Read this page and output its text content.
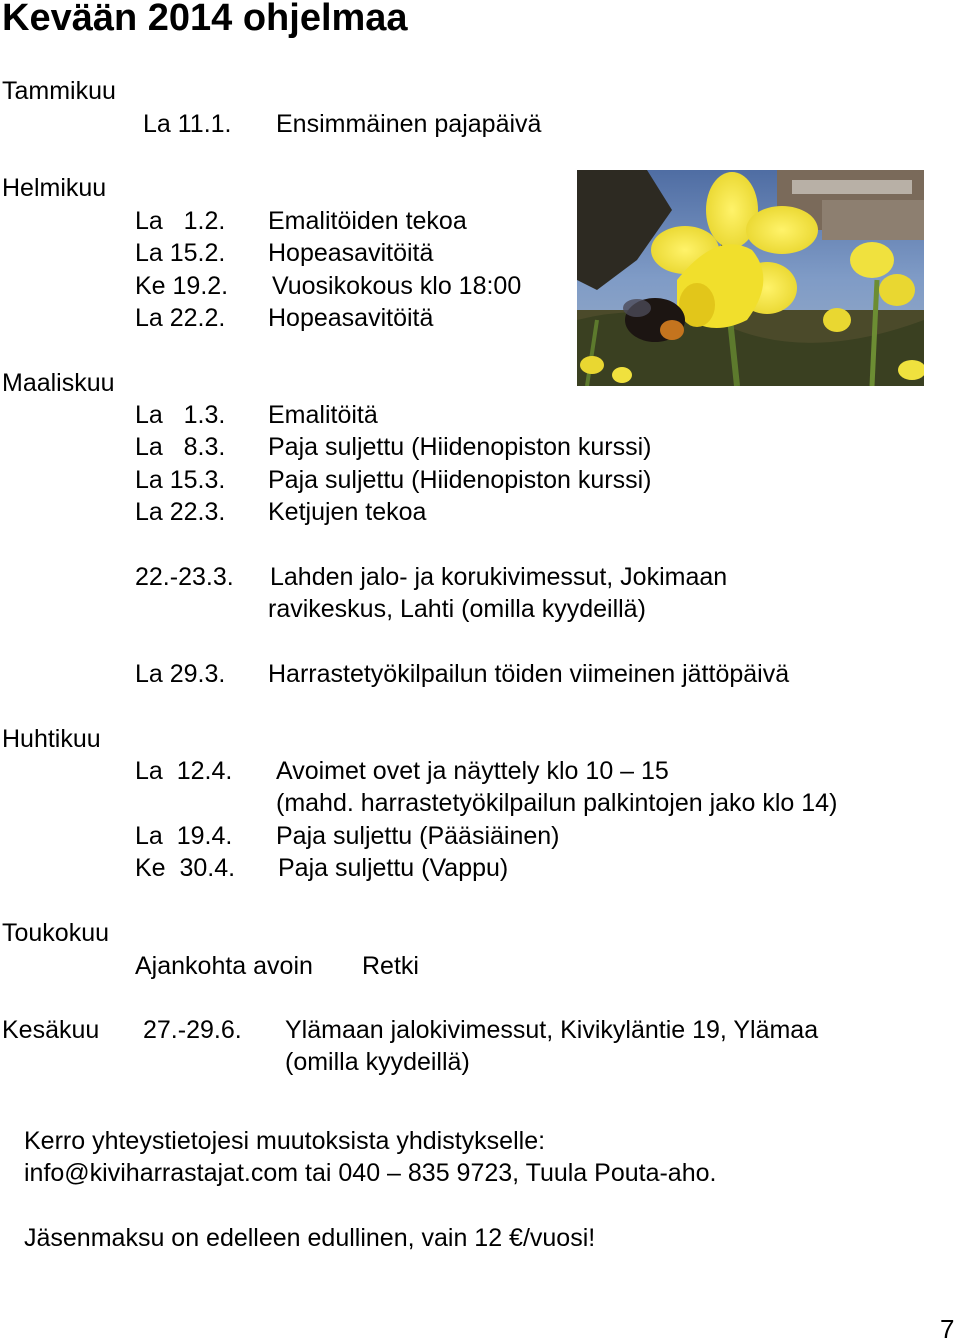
Kevään 2014 ohjelmaa
Tammikuu
La 11.1. Ensimmäinen pajapäivä
Helmikuu
La   1.2. Emalitöiden tekoa
La 15.2. Hopeasavitöitä
Ke 19.2. Vuosikokous klo 18:00
La 22.2. Hopeasavitöitä
Maaliskuu
La   1.3. Emalitöitä
La   8.3. Paja suljettu (Hiidenopiston kurssi)
La 15.3. Paja suljettu (Hiidenopiston kurssi)
La 22.3. Ketjujen tekoa
22.-23.3. Lahden jalo- ja korukivimessut, Jokimaan
ravikeskus, Lahti (omilla kyydeillä)
La 29.3. Harrastetyökilpailun töiden viimeinen jättöpäivä
Huhtikuu
La  12.4. Avoimet ovet ja näyttely klo 10 – 15
(mahd. harrastetyökilpailun palkintojen jako klo 14)
La  19.4. Paja suljettu (Pääsiäinen)
Ke  30.4. Paja suljettu (Vappu)
Toukokuu
Ajankohta avoin Retki
Kesäkuu 27.-29.6. Ylämaan jalokivimessut, Kivikyläntie 19, Ylämaa
(omilla kyydeillä)
Kerro yhteystietojesi muutoksista yhdistykselle:
info@kiviharrastajat.com tai 040 – 835 9723, Tuula Pouta-aho.
Jäsenmaksu on edelleen edullinen, vain 12 €/vuosi!
7
